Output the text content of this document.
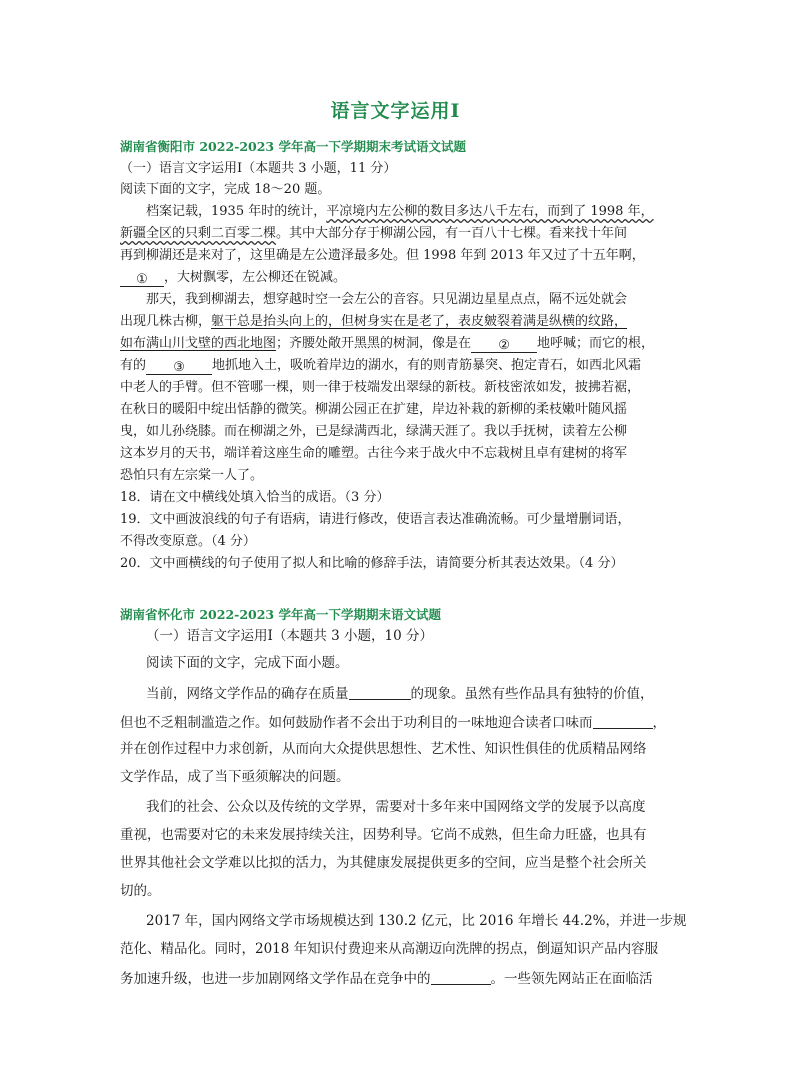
语言文字运用Ⅰ
湖南省衡阳市 2022-2023 学年高一下学期期末考试语文试题
（一）语言文字运用Ⅰ（本题共 3 小题，11 分）
阅读下面的文字，完成 18～20 题。
档案记载，1935 年时的统计，平凉境内左公柳的数目多达八千左右，而到了 1998 年，
新疆全区的只剩二百零二棵。其中大部分存于柳湖公园，有一百八十七棵。看来找十年间
再到柳湖还是来对了，这里确是左公遗泽最多处。但 1998 年到 2013 年又过了十五年啊，
① ，大树飘零，左公柳还在锐减。
那天，我到柳湖去，想穿越时空一会左公的音容。只见湖边星星点点，隔不远处就会
出现几株古柳，躯干总是抬头向上的，但树身实在是老了，表皮皴裂着满是纵横的纹路，
如布满山川戈壁的西北地图；齐腰处敞开黑黑的树洞，像是在 ② 地呼喊；而它的根，
有的 ③ 地抓地入土，吸吮着岸边的湖水，有的则青筋暴突、抱定青石，如西北风霜
中老人的手臂。但不管哪一棵，则一律于枝端发出翠绿的新枝。新枝密浓如发，披拂若裾，
在秋日的暖阳中绽出恬静的微笑。柳湖公园正在扩建，岸边补栽的新柳的柔枝嫩叶随风摇
曳，如儿孙绕膝。而在柳湖之外，已是绿满西北，绿满天涯了。我以手抚树，读着左公柳
这本岁月的天书，端详着这座生命的雕塑。古往今来于战火中不忘栽树且卓有建树的将军
恐怕只有左宗棠一人了。
18．请在文中横线处填入恰当的成语。（3 分）
19．文中画波浪线的句子有语病，请进行修改，使语言表达准确流畅。可少量增删词语，
不得改变原意。（4 分）
20．文中画横线的句子使用了拟人和比喻的修辞手法，请简要分析其表达效果。（4 分）
湖南省怀化市 2022-2023 学年高一下学期期末语文试题
（一）语言文字运用Ⅰ（本题共 3 小题，10 分）
阅读下面的文字，完成下面小题。
当前，网络文学作品的确存在质量	的现象。虽然有些作品具有独特的价值，
但也不乏粗制滥造之作。如何鼓励作者不会出于功利目的一味地迎合读者口味而	，
并在创作过程中力求创新，从而向大众提供思想性、艺术性、知识性俱佳的优质精品网络
文学作品，成了当下亟须解决的问题。
我们的社会、公众以及传统的文学界，需要对十多年来中国网络文学的发展予以高度
重视，也需要对它的未来发展持续关注，因势利导。它尚不成熟，但生命力旺盛，也具有
世界其他社会文学难以比拟的活力，为其健康发展提供更多的空间，应当是整个社会所关
切的。
2017 年，国内网络文学市场规模达到 130.2 亿元，比 2016 年增长 44.2%，并进一步规
范化、精品化。同时，2018 年知识付费迎来从高潮迈向洗牌的拐点，倒逼知识产品内容服
务加速升级，也进一步加剧网络文学作品在竞争中的	。一些领先网站正在面临活
